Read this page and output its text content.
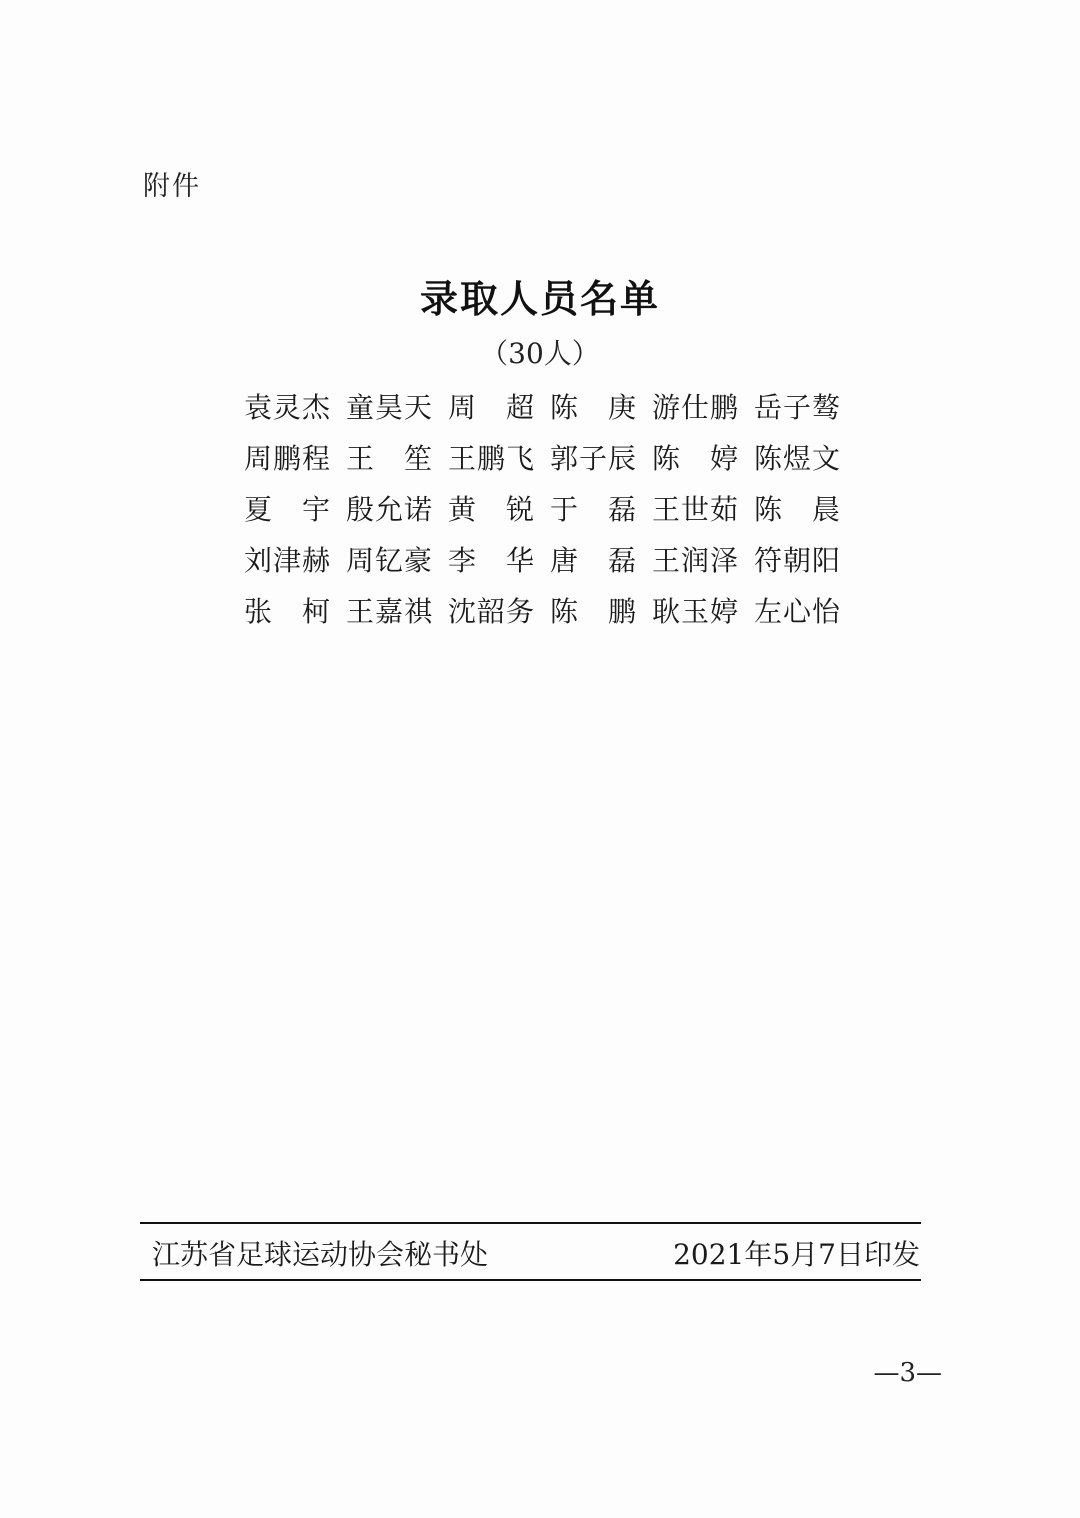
附件
录取人员名单
（30人）
袁 灵 杰 童 昊 天 周 超 陈 庚 游 仕 鹏 岳 子 骜
周 鹏 程 王 笙 王 鹏 飞 郭 子 辰 陈 婷 陈 煜 文
夏 宇 殷 允 诺 黄 锐 于 磊 王 世 茹 陈 晨
刘 津 赫 周 钇 豪 李 华 唐 磊 王 润 泽 符 朝 阳
张 柯 王 嘉 祺 沈 韶 务 陈 鹏 耿 玉 婷 左 心 怡
江苏省足球运动协会秘书处	2021年5月7日印发
—3—
